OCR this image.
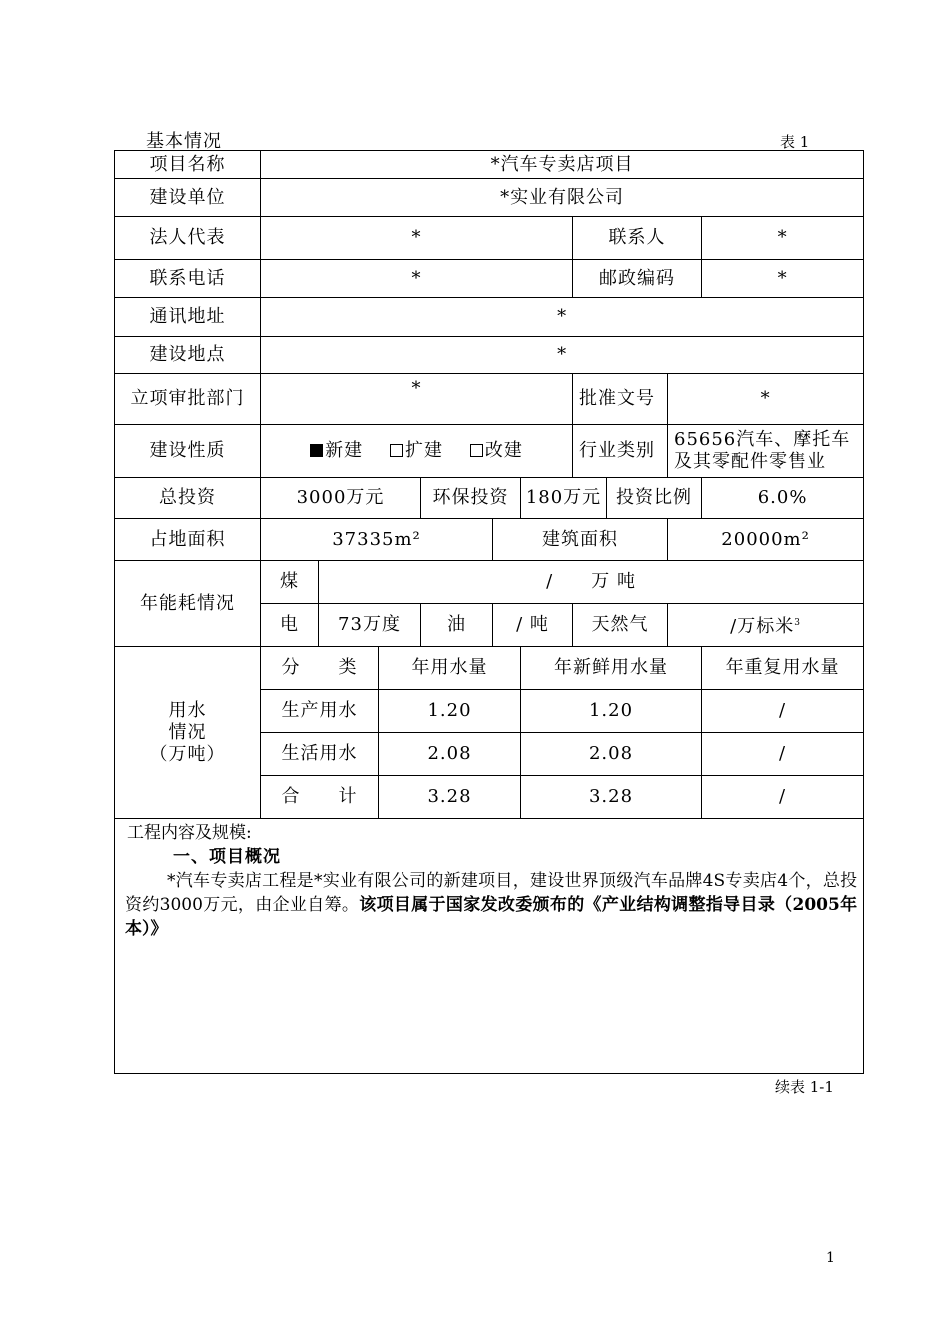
基本情况	表 1
项目名称	*汽车专卖店项目									
建设单位	*实业有限公司									
法人代表	*						联系人			*
联系电话	*						邮政编码			*
通讯地址	*									
建设地点	*									
立项审批部门	*						批准文号		*	
建设性质	新建 扩建 改建						行业类别		65656汽车、摩托车及其零配件零售业	
总投资	3000万元			环保投资		180万元		投资比例		6.0%
占地面积	37335m²				建筑面积				20000m²	
年能耗情况	煤	/　　万 吨								
	电	73万度		油	/ 吨		天然气		/万标米$^3$
用水
情况
（万吨）	分　　类		年用水量			年新鲜用水量				年重复用水量
	生产用水		1.20			1.20				/
	生活用水		2.08			2.08				/
	合　　计		3.28			3.28				/

工程内容及规模:
一、项目概况
*汽车专卖店工程是*实业有限公司的新建项目，建设世界顶级汽车品牌4S专卖店4个，总投资约3000万元，由企业自筹。该项目属于国家发改委颁布的《产业结构调整指导目录（2005年本）》										
续表 1-1
1
